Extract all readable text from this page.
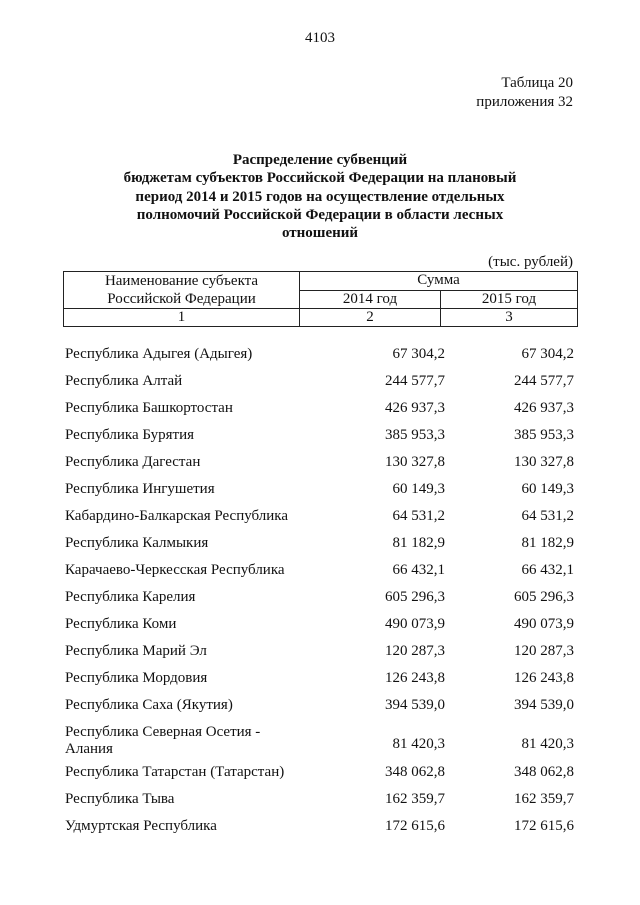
4103
Таблица 20
приложения 32
Распределение субвенций
бюджетам субъектов Российской Федерации на плановый
период 2014 и 2015 годов на осуществление отдельных
полномочий Российской Федерации в области лесных
отношений
(тыс. рублей)
Наименование субъекта
Российской Федерации	Сумма	
	2014 год	2015 год
1	2	3
Республика Адыгея (Адыгея)	67 304,2	67 304,2
Республика Алтай	244 577,7	244 577,7
Республика Башкортостан	426 937,3	426 937,3
Республика Бурятия	385 953,3	385 953,3
Республика Дагестан	130 327,8	130 327,8
Республика Ингушетия	60 149,3	60 149,3
Кабардино-Балкарская Республика	64 531,2	64 531,2
Республика Калмыкия	81 182,9	81 182,9
Карачаево-Черкесская Республика	66 432,1	66 432,1
Республика Карелия	605 296,3	605 296,3
Республика Коми	490 073,9	490 073,9
Республика Марий Эл	120 287,3	120 287,3
Республика Мордовия	126 243,8	126 243,8
Республика Саха (Якутия)	394 539,0	394 539,0
Республика Северная Осетия - Алания	81 420,3	81 420,3
Республика Татарстан (Татарстан)	348 062,8	348 062,8
Республика Тыва	162 359,7	162 359,7
Удмуртская Республика	172 615,6	172 615,6
